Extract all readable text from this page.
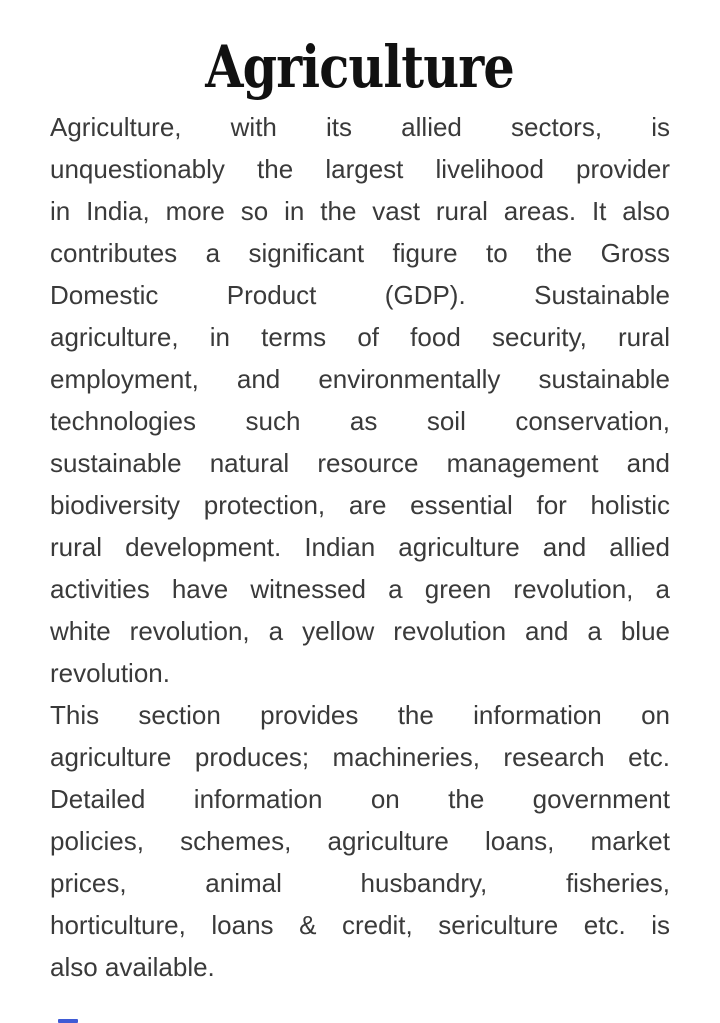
Agriculture
Agriculture, with its allied sectors, is
unquestionably the largest livelihood provider
in India, more so in the vast rural areas. It also
contributes a significant figure to the Gross
Domestic Product (GDP). Sustainable
agriculture, in terms of food security, rural
employment, and environmentally sustainable
technologies such as soil conservation,
sustainable natural resource management and
biodiversity protection, are essential for holistic
rural development. Indian agriculture and allied
activities have witnessed a green revolution, a
white revolution, a yellow revolution and a blue
revolution.
This section provides the information on
agriculture produces; machineries, research etc.
Detailed information on the government
policies, schemes, agriculture loans, market
prices, animal husbandry, fisheries,
horticulture, loans & credit, sericulture etc. is
also available.
